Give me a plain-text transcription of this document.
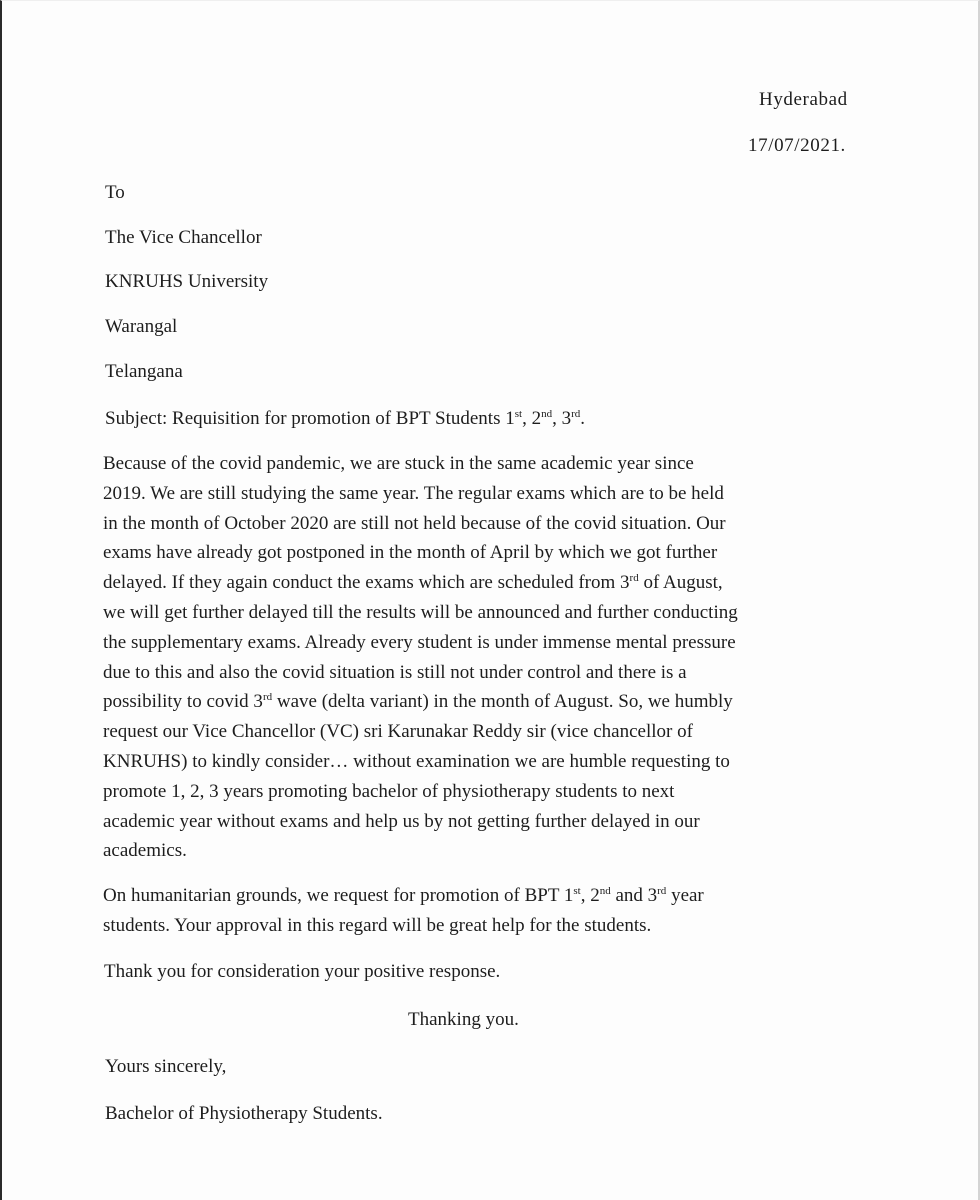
Hyderabad
17/07/2021.
To
The Vice Chancellor
KNRUHS University
Warangal
Telangana
Subject: Requisition for promotion of BPT Students 1st, 2nd, 3rd.
Because of the covid pandemic, we are stuck in the same academic year since
2019. We are still studying the same year. The regular exams which are to be held
in the month of October 2020 are still not held because of the covid situation. Our
exams have already got postponed in the month of April by which we got further
delayed. If they again conduct the exams which are scheduled from 3rd of August,
we will get further delayed till the results will be announced and further conducting
the supplementary exams. Already every student is under immense mental pressure
due to this and also the covid situation is still not under control and there is a
possibility to covid 3rd wave (delta variant) in the month of August. So, we humbly
request our Vice Chancellor (VC) sri Karunakar Reddy sir (vice chancellor of
KNRUHS) to kindly consider… without examination we are humble requesting to
promote 1, 2, 3 years promoting bachelor of physiotherapy students to next
academic year without exams and help us by not getting further delayed in our
academics.
On humanitarian grounds, we request for promotion of BPT 1st, 2nd and 3rd year
students. Your approval in this regard will be great help for the students.
Thank you for consideration your positive response.
Thanking you.
Yours sincerely,
Bachelor of Physiotherapy Students.
